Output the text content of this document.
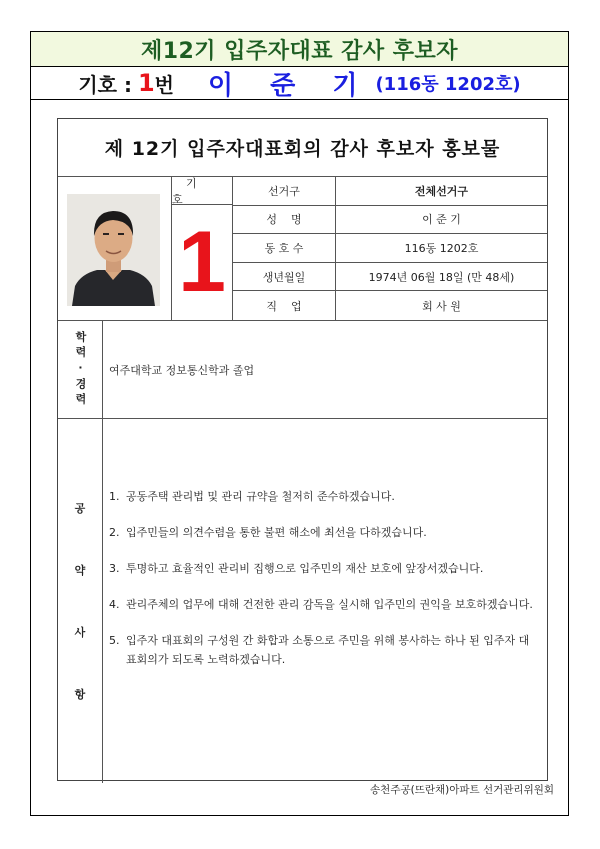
제12기 입주자대표 감사 후보자
기호 : 1 번 이 준 기 (116동 1202호)
제 12기 입주자대표회의 감사 후보자 홍보물
기 호
1
선거구	전체선거구
성    명	이 준 기
동 호 수	116동 1202호
생년월일	1974년 06월 18일 (만 48세)
직    업	회 사 원
학력·경력 여주대학교 정보통신학과 졸업
공
약
사
항
1. 공동주택 관리법 및 관리 규약을 철저히 준수하겠습니다.
2. 입주민들의 의견수렴을 통한 불편 해소에 최선을 다하겠습니다.
3. 투명하고 효율적인 관리비 집행으로 입주민의 재산 보호에 앞장서겠습니다.
4. 관리주체의 업무에 대해 건전한 관리 감독을 실시해 입주민의 권익을 보호하겠습니다.
5. 입주자 대표회의 구성원 간 화합과 소통으로 주민을 위해 봉사하는 하나 된 입주자 대표회의가 되도록 노력하겠습니다.
송천주공(뜨란채)아파트 선거관리위원회
